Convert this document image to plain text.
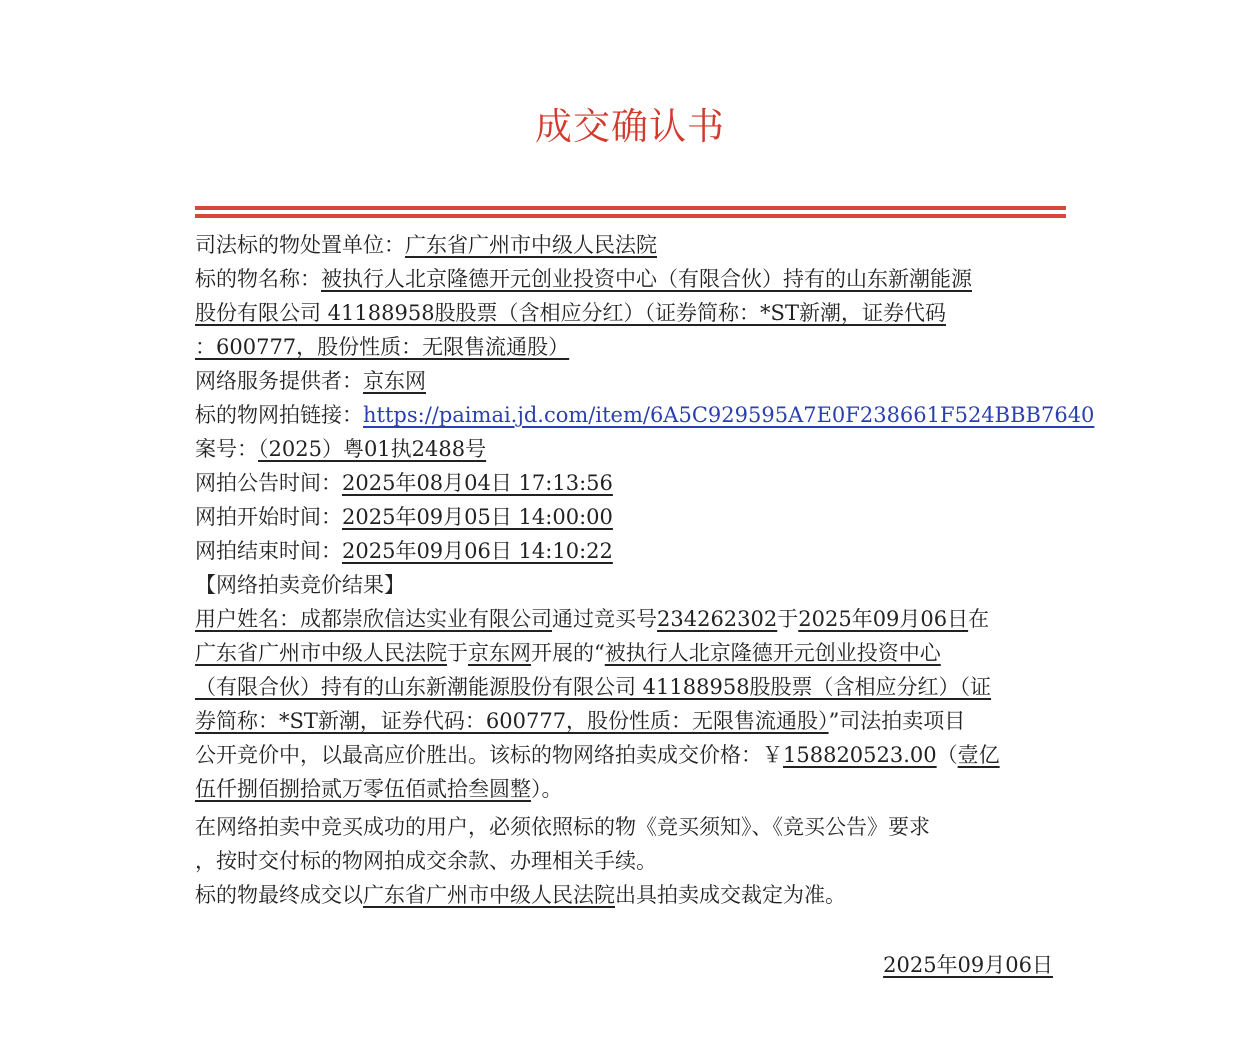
成交确认书
司法标的物处置单位：广东省广州市中级人民法院
标的物名称：被执行人北京隆德开元创业投资中心（有限合伙）持有的山东新潮能源
股份有限公司 41188958股股票（含相应分红）（证券简称：*ST新潮，证券代码
：600777，股份性质：无限售流通股）
网络服务提供者：京东网
标的物网拍链接：https://paimai.jd.com/item/6A5C929595A7E0F238661F524BBB7640
案号：（2025）粤01执2488号
网拍公告时间：2025年08月04日 17:13:56
网拍开始时间：2025年09月05日 14:00:00
网拍结束时间：2025年09月06日 14:10:22
【网络拍卖竞价结果】
用户姓名：成都崇欣信达实业有限公司通过竞买号234262302于2025年09月06日在
广东省广州市中级人民法院于京东网开展的“被执行人北京隆德开元创业投资中心
（有限合伙）持有的山东新潮能源股份有限公司 41188958股股票（含相应分红）（证
券简称：*ST新潮，证券代码：600777，股份性质：无限售流通股）”司法拍卖项目
公开竞价中，以最高应价胜出。该标的物网络拍卖成交价格：￥158820523.00（壹亿
伍仟捌佰捌拾贰万零伍佰贰拾叁圆整）。
在网络拍卖中竞买成功的用户，必须依照标的物《竞买须知》、《竞买公告》要求
，按时交付标的物网拍成交余款、办理相关手续。
标的物最终成交以广东省广州市中级人民法院出具拍卖成交裁定为准。
2025年09月06日
